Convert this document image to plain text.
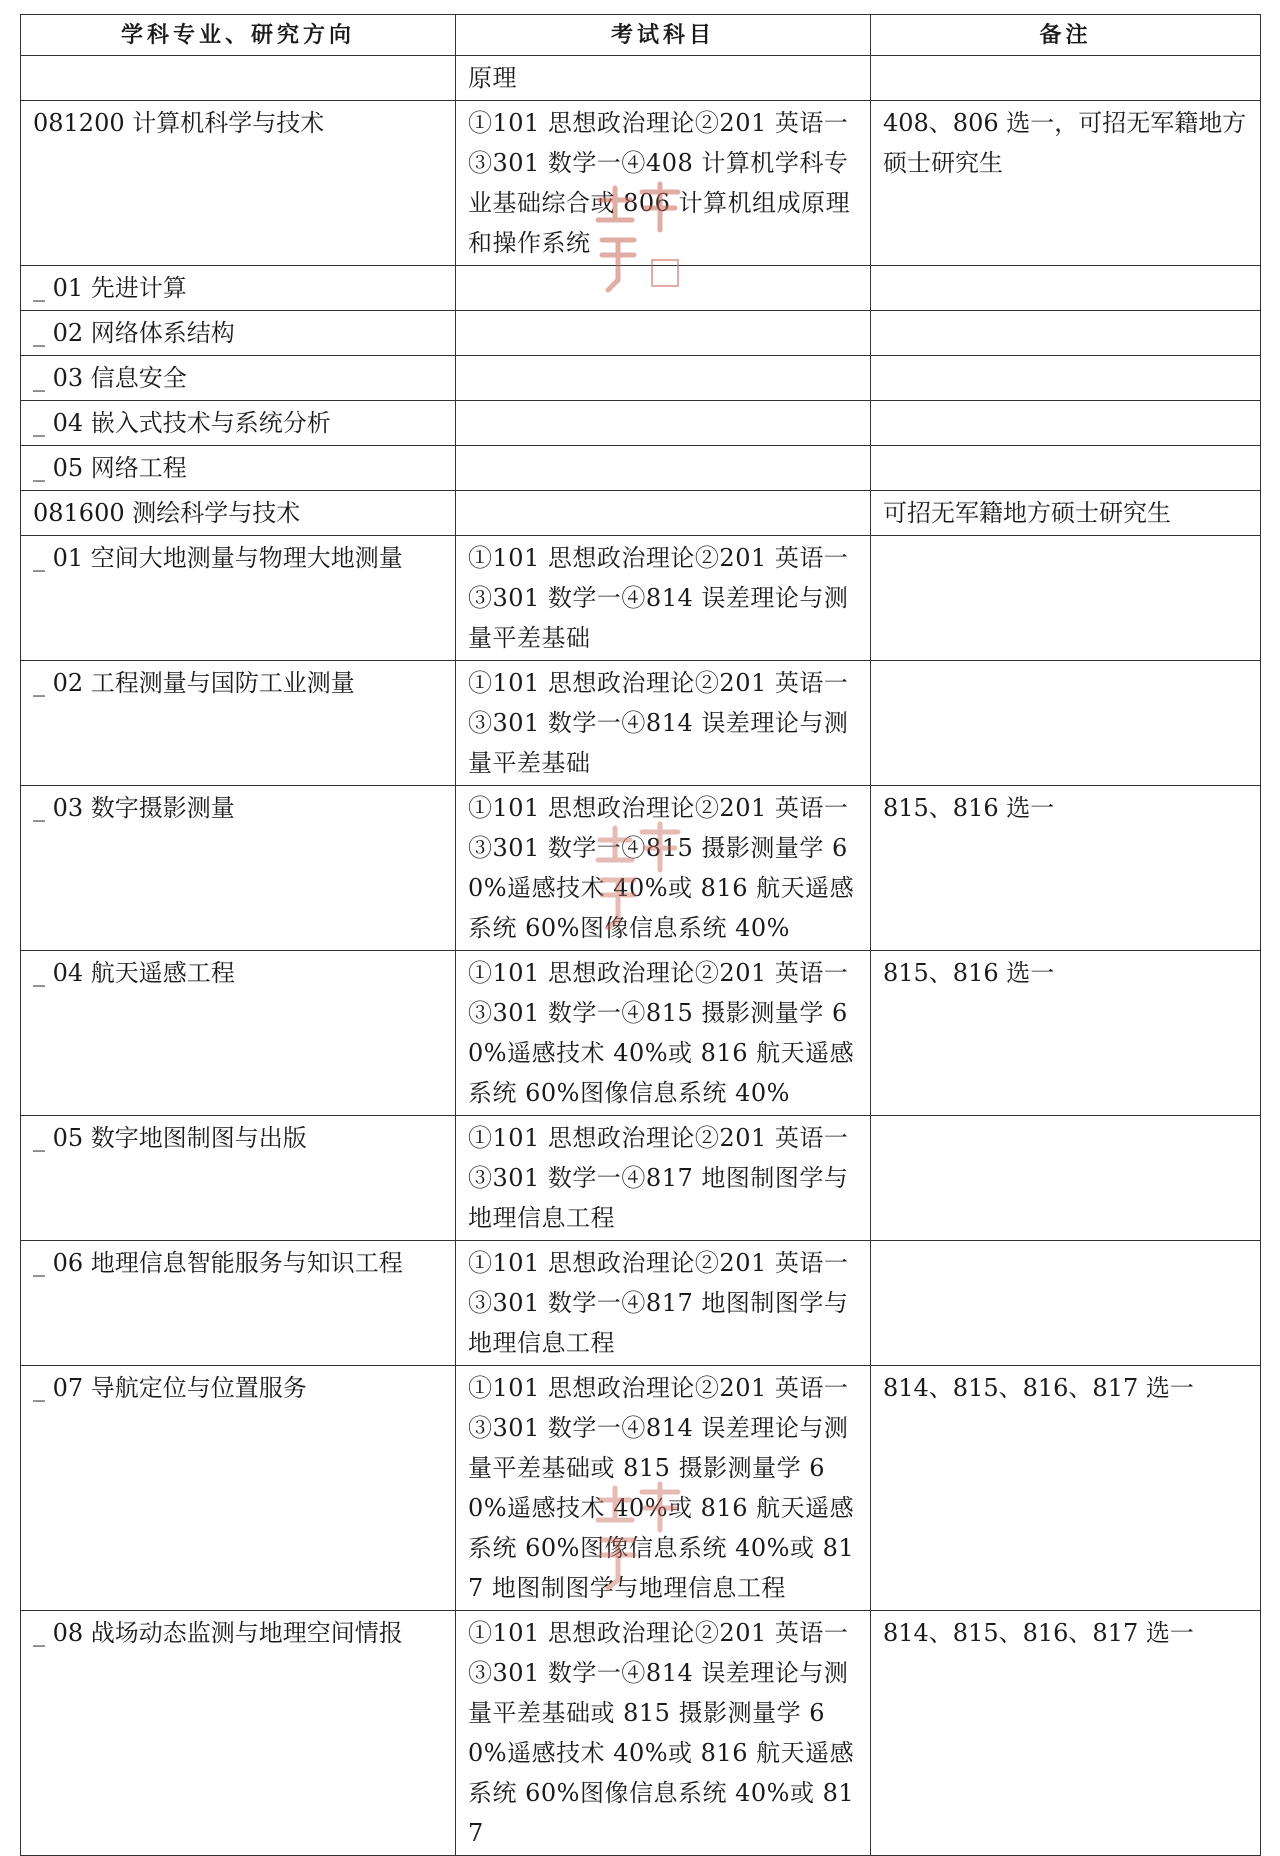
学科专业、研究方向	考试科目	备注
	原理	
081200 计算机科学与技术	①101 思想政治理论②201 英语一③301 数学一④408 计算机学科专业基础综合或 806 计算机组成原理和操作系统	408、806 选一，可招无军籍地方硕士研究生
_ 01 先进计算		
_ 02 网络体系结构		
_ 03 信息安全		
_ 04 嵌入式技术与系统分析		
_ 05 网络工程		
081600 测绘科学与技术		可招无军籍地方硕士研究生
_ 01 空间大地测量与物理大地测量	①101 思想政治理论②201 英语一③301 数学一④814 误差理论与测量平差基础	
_ 02 工程测量与国防工业测量	①101 思想政治理论②201 英语一③301 数学一④814 误差理论与测量平差基础	
_ 03 数字摄影测量	①101 思想政治理论②201 英语一③301 数学一④815 摄影测量学 60%遥感技术 40%或 816 航天遥感系统 60%图像信息系统 40%	815、816 选一
_ 04 航天遥感工程	①101 思想政治理论②201 英语一③301 数学一④815 摄影测量学 60%遥感技术 40%或 816 航天遥感系统 60%图像信息系统 40%	815、816 选一
_ 05 数字地图制图与出版	①101 思想政治理论②201 英语一③301 数学一④817 地图制图学与地理信息工程	
_ 06 地理信息智能服务与知识工程	①101 思想政治理论②201 英语一③301 数学一④817 地图制图学与地理信息工程	
_ 07 导航定位与位置服务	①101 思想政治理论②201 英语一③301 数学一④814 误差理论与测量平差基础或 815 摄影测量学 60%遥感技术 40%或 816 航天遥感系统 60%图像信息系统 40%或 817 地图制图学与地理信息工程	814、815、816、817 选一
_ 08 战场动态监测与地理空间情报	①101 思想政治理论②201 英语一③301 数学一④814 误差理论与测量平差基础或 815 摄影测量学 60%遥感技术 40%或 816 航天遥感系统 60%图像信息系统 40%或 817	814、815、816、817 选一
